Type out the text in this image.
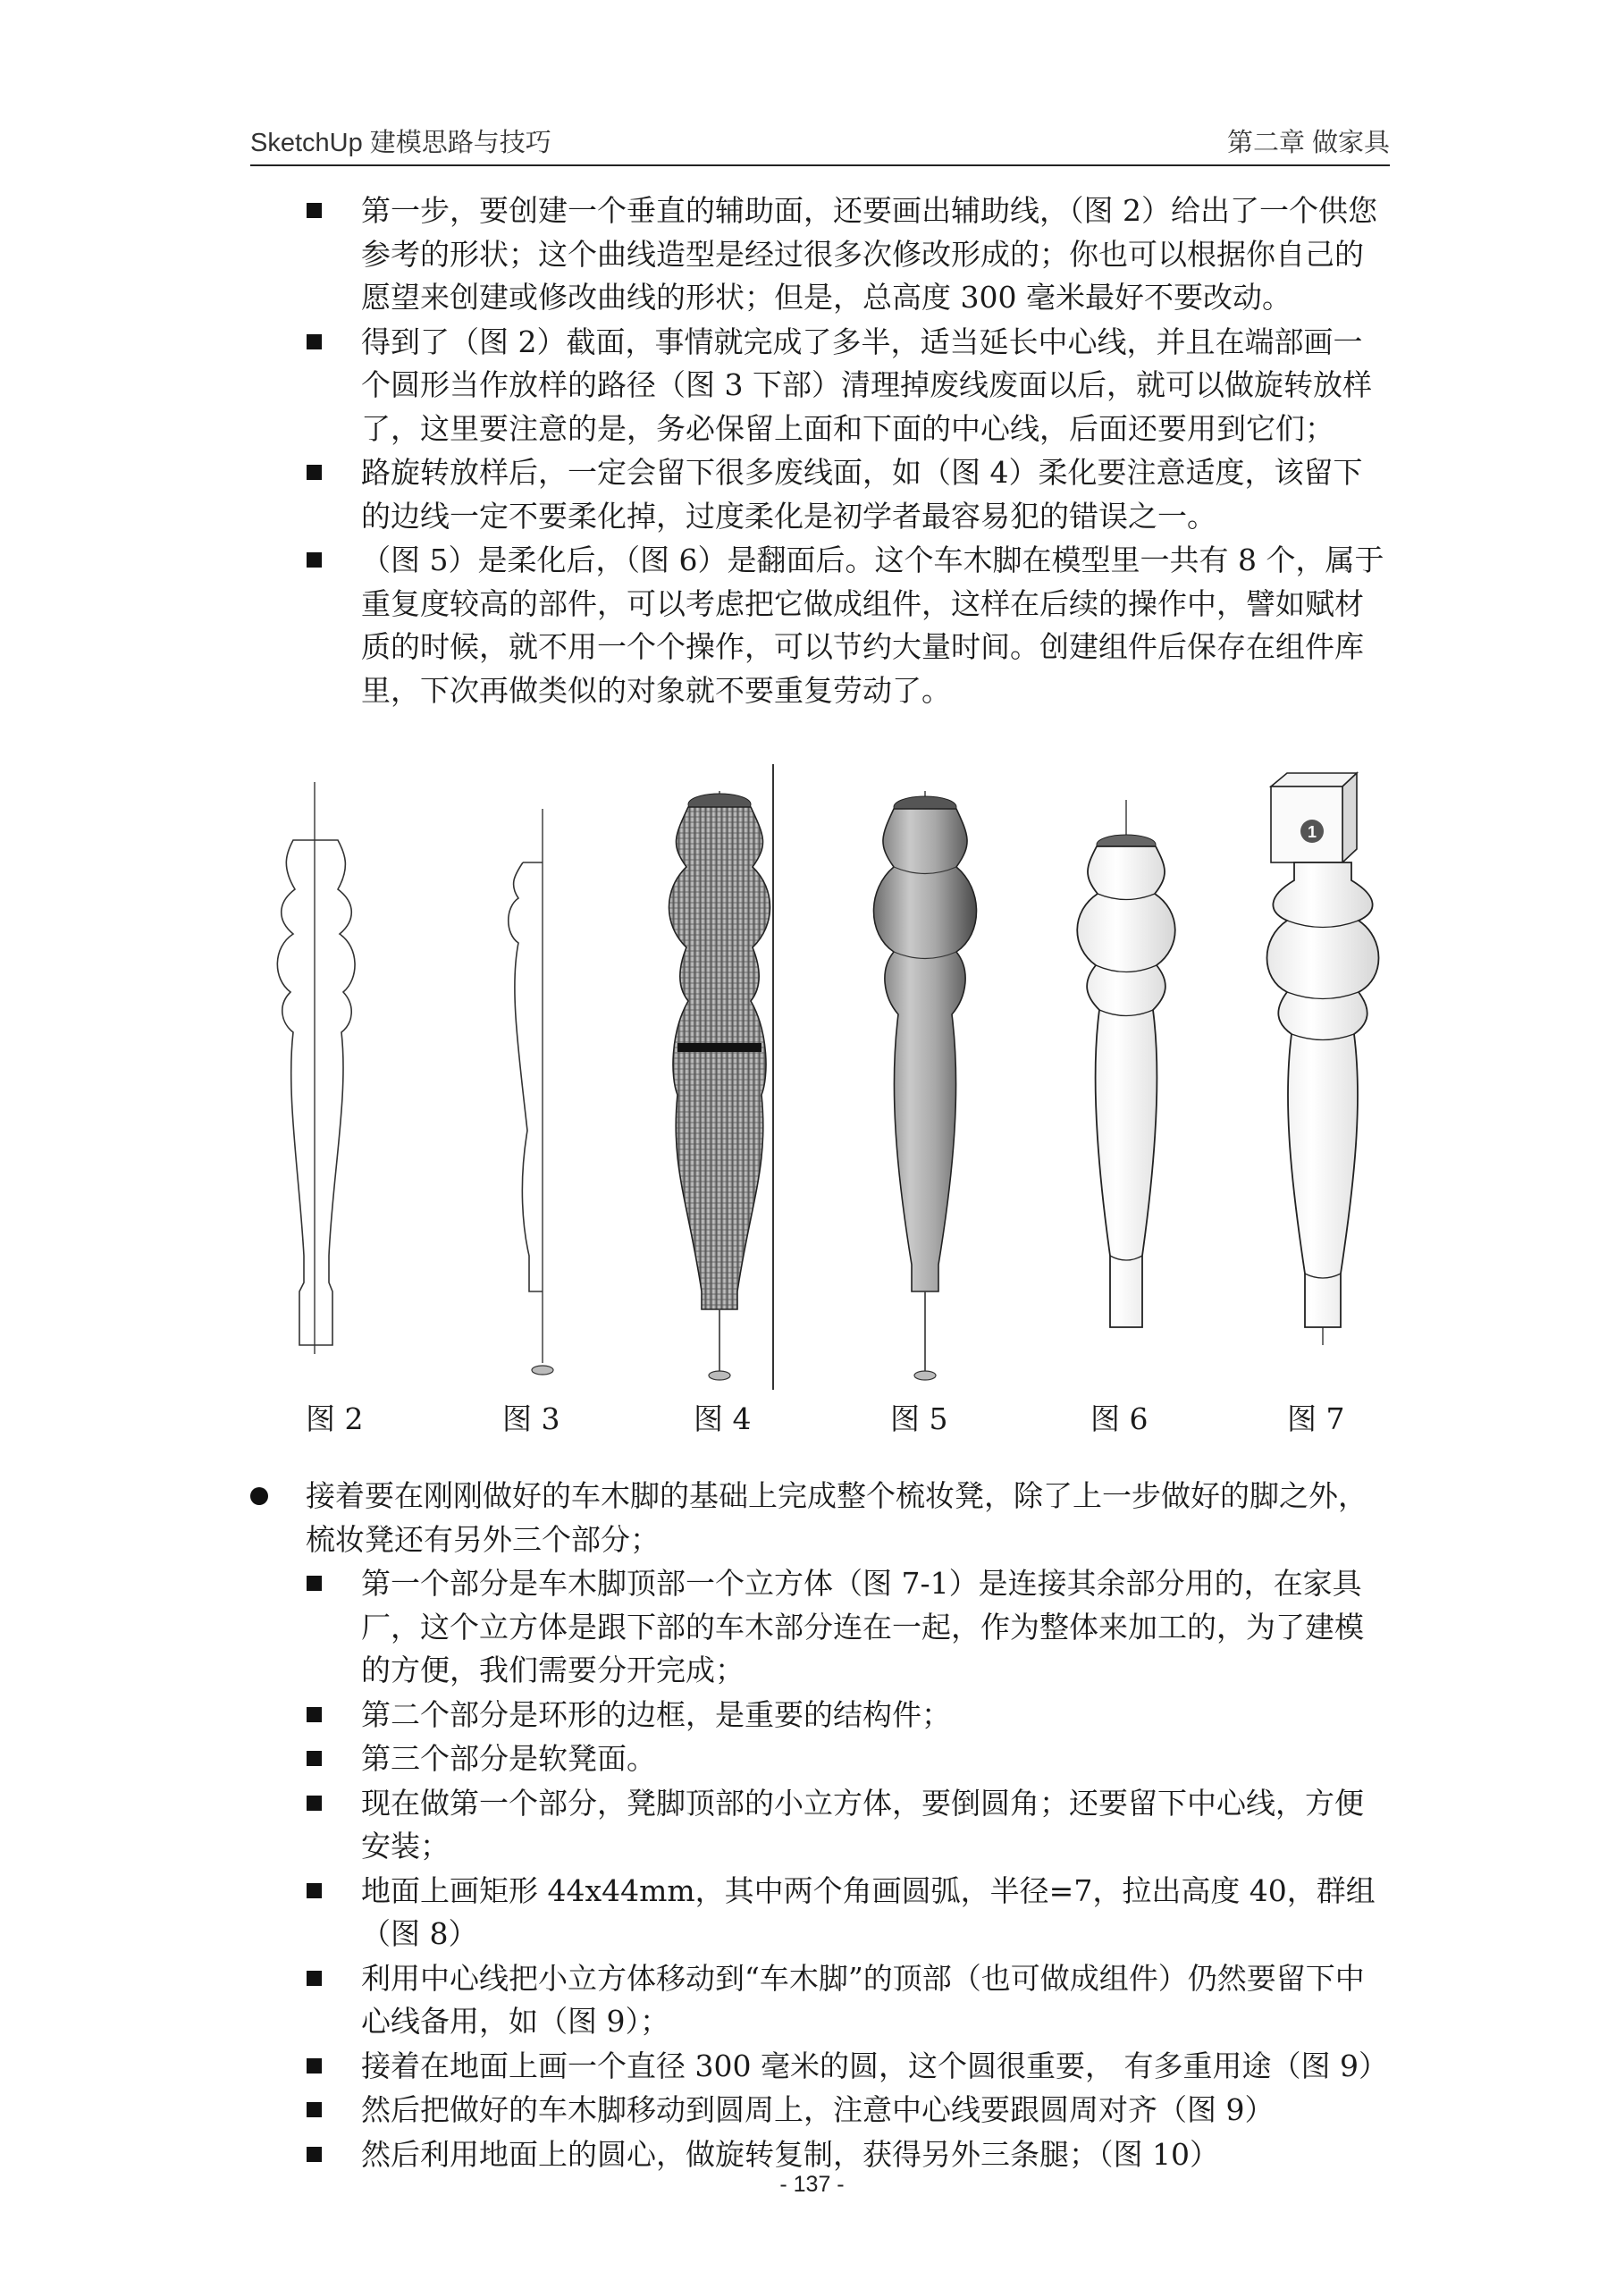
SketchUp 建模思路与技巧	第二章 做家具
第一步，要创建一个垂直的辅助面，还要画出辅助线，（图 2）给出了一个供您参考的形状；这个曲线造型是经过很多次修改形成的；你也可以根据你自己的愿望来创建或修改曲线的形状；但是，总高度 300 毫米最好不要改动。
得到了（图 2）截面，事情就完成了多半，适当延长中心线，并且在端部画一个圆形当作放样的路径（图 3 下部）清理掉废线废面以后，就可以做旋转放样了，这里要注意的是，务必保留上面和下面的中心线，后面还要用到它们；
路旋转放样后，一定会留下很多废线面，如（图 4）柔化要注意适度，该留下的边线一定不要柔化掉，过度柔化是初学者最容易犯的错误之一。
（图 5）是柔化后，（图 6）是翻面后。这个车木脚在模型里一共有 8 个，属于重复度较高的部件，可以考虑把它做成组件，这样在后续的操作中，譬如赋材质的时候，就不用一个个操作，可以节约大量时间。创建组件后保存在组件库里，下次再做类似的对象就不要重复劳动了。
1
图 2	图 3	图 4	图 5	图 6	图 7
接着要在刚刚做好的车木脚的基础上完成整个梳妆凳，除了上一步做好的脚之外，梳妆凳还有另外三个部分；
第一个部分是车木脚顶部一个立方体（图 7-1）是连接其余部分用的，在家具厂，这个立方体是跟下部的车木部分连在一起，作为整体来加工的，为了建模的方便，我们需要分开完成；
第二个部分是环形的边框，是重要的结构件；
第三个部分是软凳面。
现在做第一个部分，凳脚顶部的小立方体，要倒圆角；还要留下中心线，方便安装；
地面上画矩形 44x44mm，其中两个角画圆弧，半径=7，拉出高度 40，群组（图 8）
利用中心线把小立方体移动到“车木脚”的顶部（也可做成组件）仍然要留下中心线备用，如（图 9）；
接着在地面上画一个直径 300 毫米的圆，这个圆很重要， 有多重用途（图 9）
然后把做好的车木脚移动到圆周上，注意中心线要跟圆周对齐（图 9）
然后利用地面上的圆心，做旋转复制，获得另外三条腿；（图 10）
- 137 -
